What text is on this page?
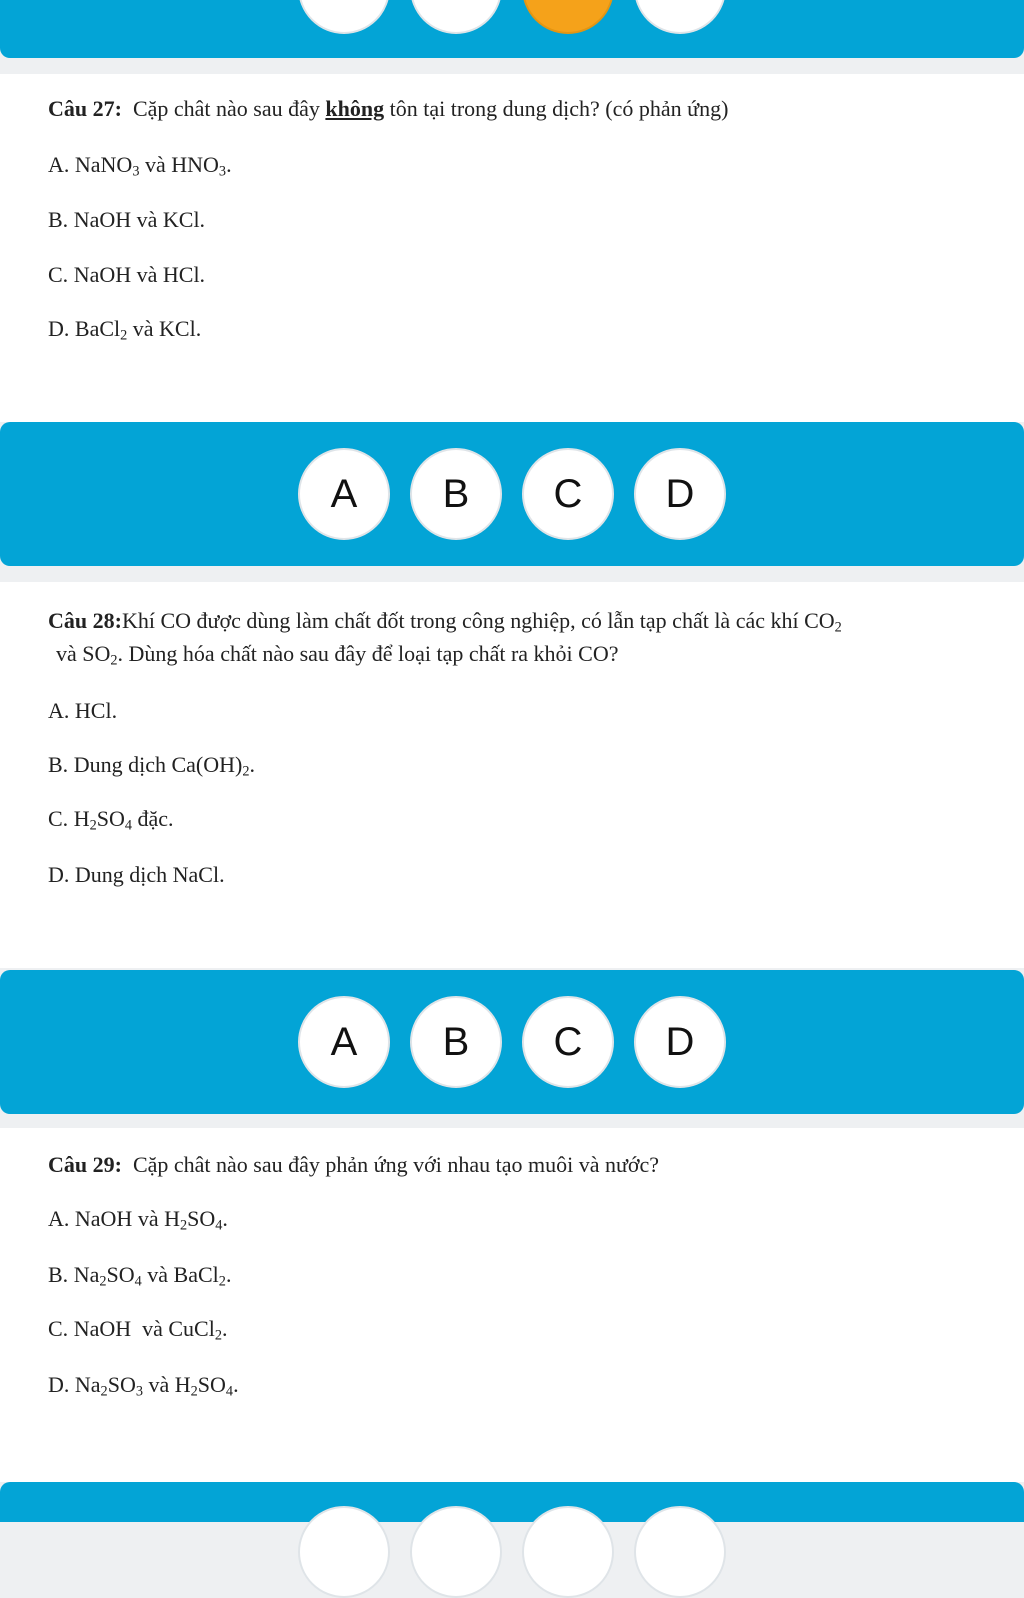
Câu 27: Cặp chât nào sau đây không tôn tại trong dung dịch? (có phản ứng)

A. NaNO$_3$ và $HNO_3$.

B. NaOH và KCl.

C. NaOH và HCl.

D. BaCl$_2$ và KCl.

A	B	C	D

Câu 28:Khí CO được dùng làm chất đốt trong công nghiệp, có lẫn tạp chất là các khí $CO_2$

và $SO_2$. Dùng hóa chất nào sau đây để loại tạp chất ra khỏi CO?

A. HCl.

B. Dung dịch $Ca(OH)_2$.

C. $H_2SO_4$ đặc.

D. Dung dịch NaCl.

A	B	C	D

Câu 29: Cặp chât nào sau đây phản ứng với nhau tạo muôi và nước?

A. NaOH và $H_2SO_4$.

B. $Na_2SO_4$ và BaCl$_2$.

C. NaOH  và CuCl$_2$.

D. $Na_2SO_3$ và $H_2SO_4$.
